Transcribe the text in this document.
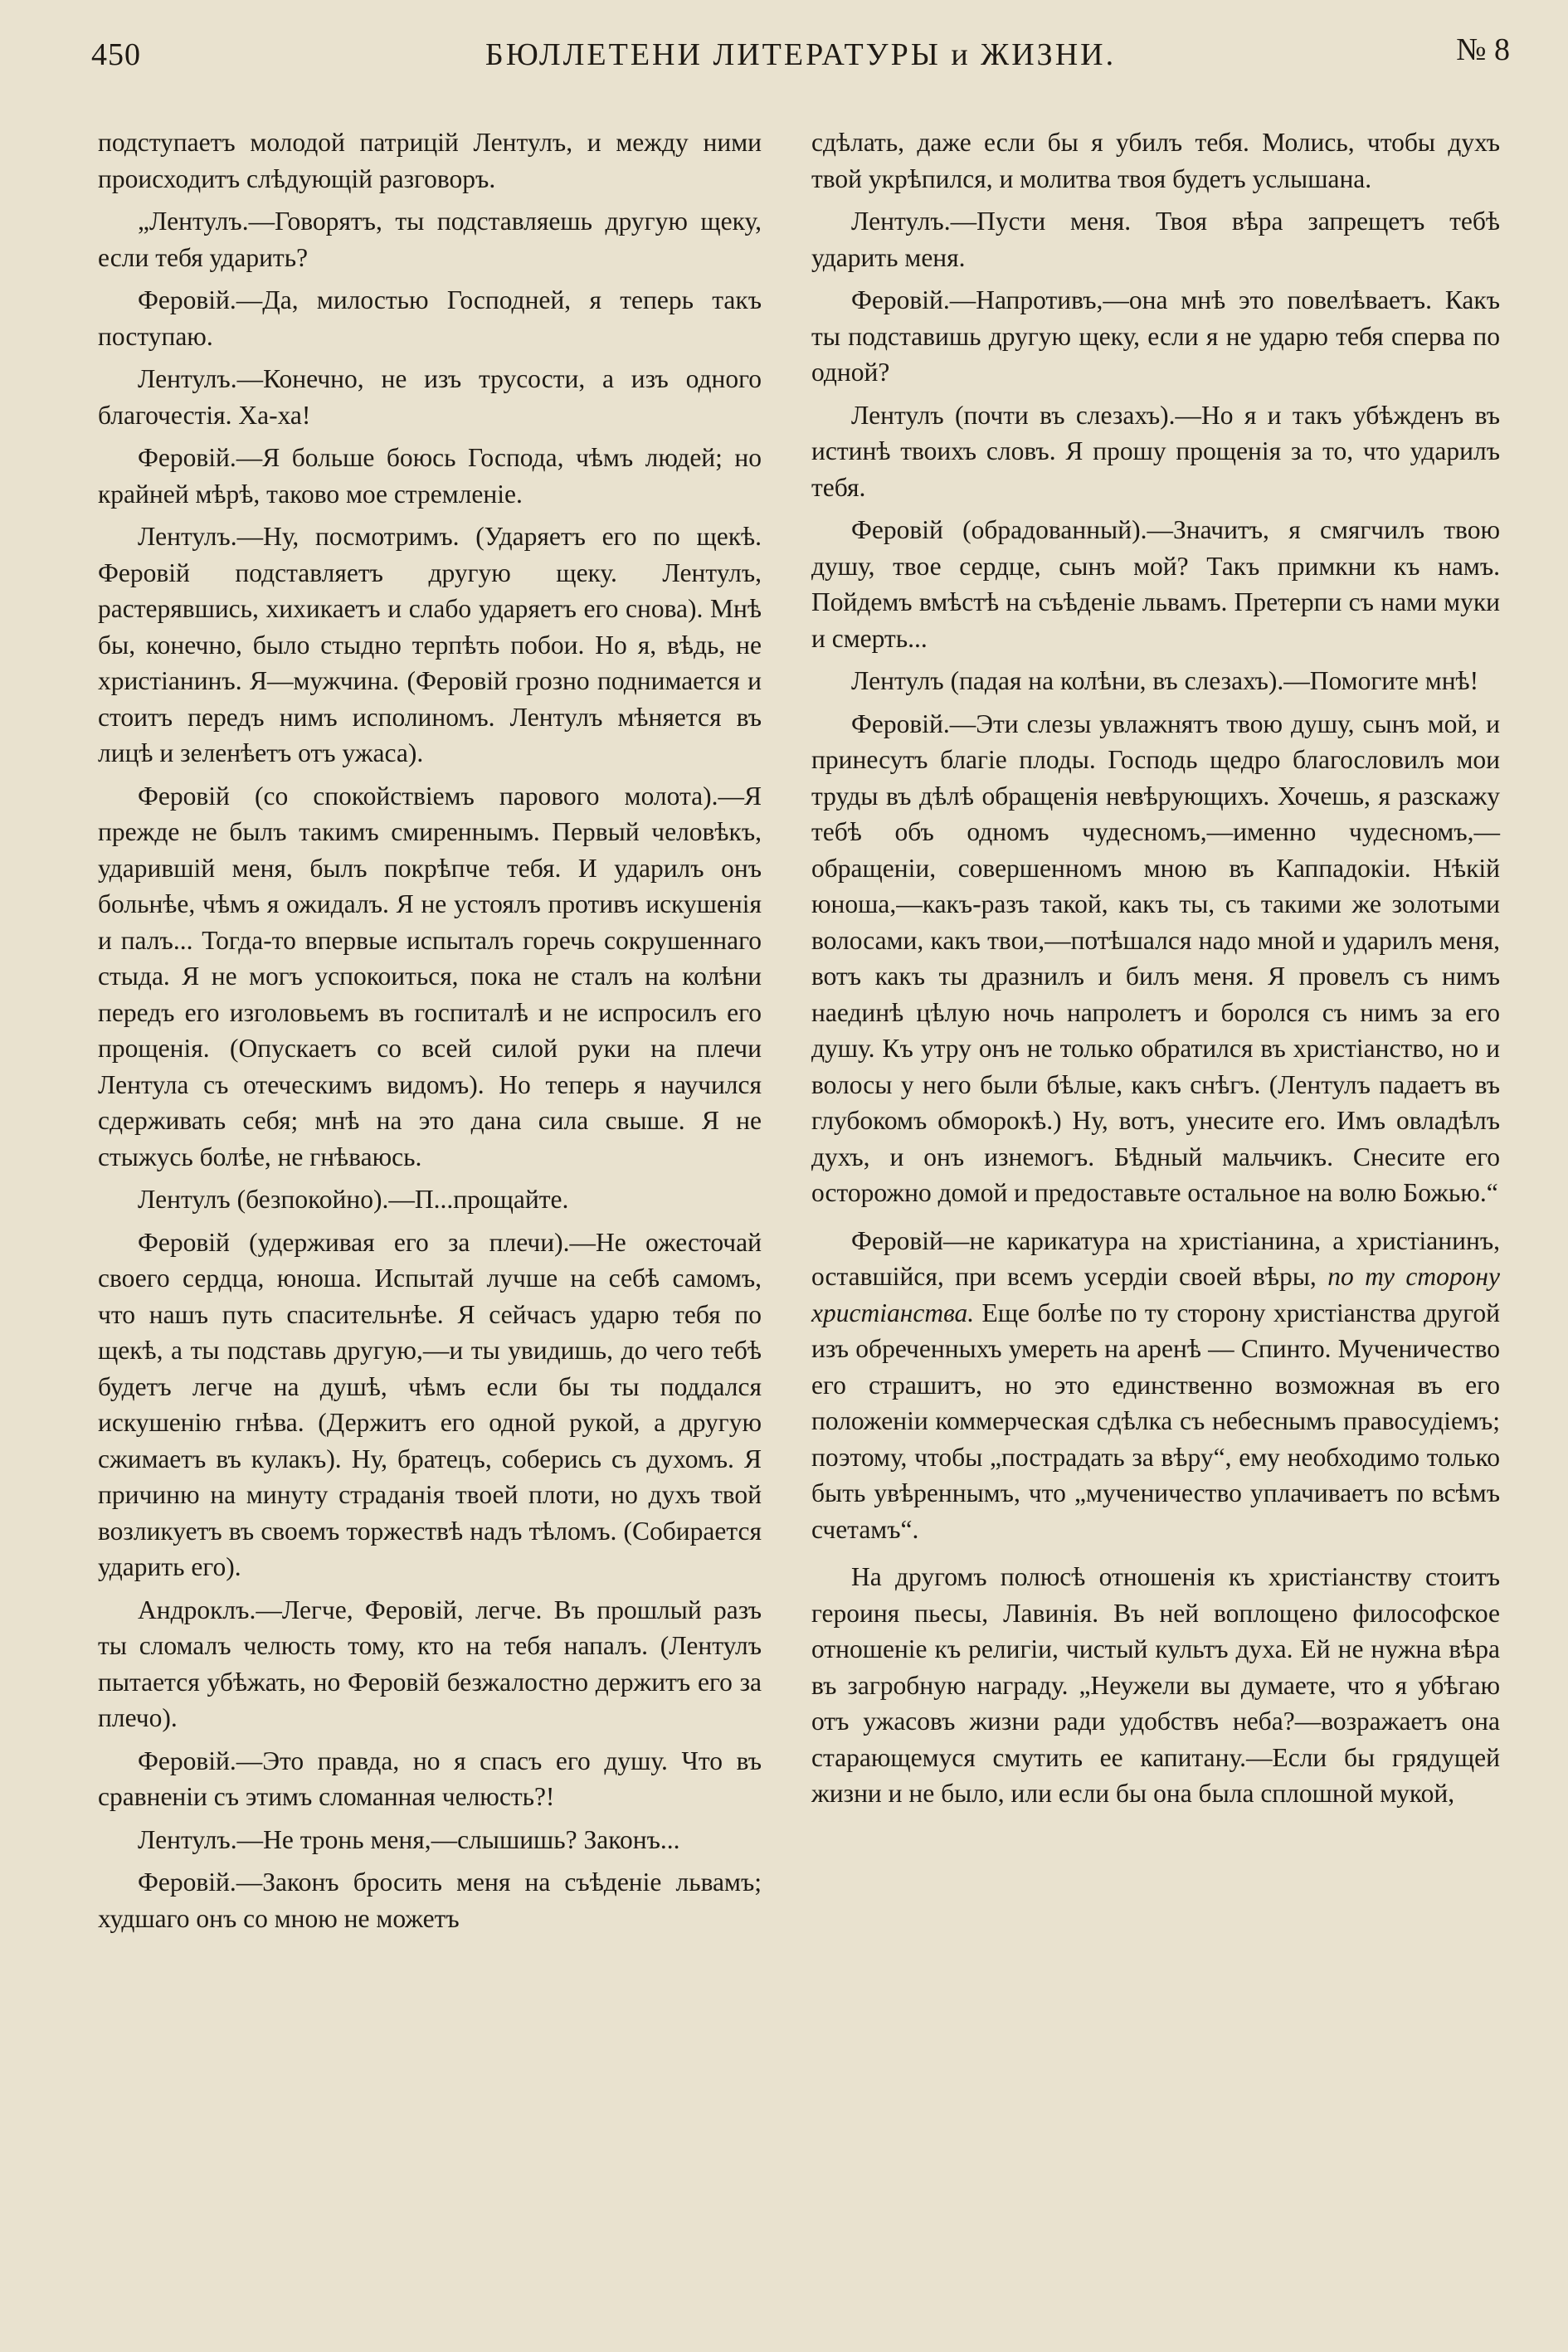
450	БЮЛЛЕТЕНИ ЛИТЕРАТУРЫ и ЖИЗНИ.	№ 8

подступаетъ молодой патрицій Лентулъ, и между ними происходитъ слѣдующій разговоръ.

„Лентулъ.—Говорятъ, ты подставляешь другую щеку, если тебя ударить?

Феровій.—Да, милостью Господней, я теперь такъ поступаю.

Лентулъ.—Конечно, не изъ трусости, а изъ одного благочестія. Ха-ха!

Феровій.—Я больше боюсь Господа, чѣмъ людей; но крайней мѣрѣ, таково мое стремленіе.

Лентулъ.—Ну, посмотримъ. (Ударяетъ его по щекѣ. Феровій подставляетъ другую щеку. Лентулъ, растерявшись, хихикаетъ и слабо ударяетъ его снова). Мнѣ бы, конечно, было стыдно терпѣть побои. Но я, вѣдь, не христіанинъ. Я—мужчина. (Феровій грозно поднимается и стоитъ передъ нимъ исполиномъ. Лентулъ мѣняется въ лицѣ и зеленѣетъ отъ ужаса).

Феровій (со спокойствіемъ парового молота).—Я прежде не былъ такимъ смиреннымъ. Первый человѣкъ, ударившій меня, былъ покрѣпче тебя. И ударилъ онъ больнѣе, чѣмъ я ожидалъ. Я не устоялъ противъ искушенія и палъ... Тогда-то впервые испыталъ горечь сокрушеннаго стыда. Я не могъ успокоиться, пока не сталъ на колѣни передъ его изголовьемъ въ госпиталѣ и не испросилъ его прощенія. (Опускаетъ со всей силой руки на плечи Лентула съ отеческимъ видомъ). Но теперь я научился сдерживать себя; мнѣ на это дана сила свыше. Я не стыжусь болѣе, не гнѣваюсь.

Лентулъ (безпокойно).—П...прощайте.

Феровій (удерживая его за плечи).—Не ожесточай своего сердца, юноша. Испытай лучше на себѣ самомъ, что нашъ путь спасительнѣе. Я сейчасъ ударю тебя по щекѣ, а ты подставь другую,—и ты увидишь, до чего тебѣ будетъ легче на душѣ, чѣмъ если бы ты поддался искушенію гнѣва. (Держитъ его одной рукой, а другую сжимаетъ въ кулакъ). Ну, братецъ, соберись съ духомъ. Я причиню на минуту страданія твоей плоти, но духъ твой возликуетъ въ своемъ торжествѣ надъ тѣломъ. (Собирается ударить его).

Андроклъ.—Легче, Феровій, легче. Въ прошлый разъ ты сломалъ челюсть тому, кто на тебя напалъ. (Лентулъ пытается убѣжать, но Феровій безжалостно держитъ его за плечо).

Феровій.—Это правда, но я спасъ его душу. Что въ сравненіи съ этимъ сломанная челюсть?!

Лентулъ.—Не тронь меня,—слышишь? Законъ...

Феровій.—Законъ бросить меня на съѣденіе львамъ; худшаго онъ со мною не можетъ

сдѣлать, даже если бы я убилъ тебя. Молись, чтобы духъ твой укрѣпился, и молитва твоя будетъ услышана.

Лентулъ.—Пусти меня. Твоя вѣра запрещетъ тебѣ ударить меня.

Феровій.—Напротивъ,—она мнѣ это повелѣваетъ. Какъ ты подставишь другую щеку, если я не ударю тебя сперва по одной?

Лентулъ (почти въ слезахъ).—Но я и такъ убѣжденъ въ истинѣ твоихъ словъ. Я прошу прощенія за то, что ударилъ тебя.

Феровій (обрадованный).—Значитъ, я смягчилъ твою душу, твое сердце, сынъ мой? Такъ примкни къ намъ. Пойдемъ вмѣстѣ на съѣденіе львамъ. Претерпи съ нами муки и смерть...

Лентулъ (падая на колѣни, въ слезахъ).—Помогите мнѣ!

Феровій.—Эти слезы увлажнятъ твою душу, сынъ мой, и принесутъ благіе плоды. Господь щедро благословилъ мои труды въ дѣлѣ обращенія невѣрующихъ. Хочешь, я разскажу тебѣ объ одномъ чудесномъ,—именно чудесномъ,—обращеніи, совершенномъ мною въ Каппадокіи. Нѣкій юноша,—какъ-разъ такой, какъ ты, съ такими же золотыми волосами, какъ твои,—потѣшался надо мной и ударилъ меня, вотъ какъ ты дразнилъ и билъ меня. Я провелъ съ нимъ наединѣ цѣлую ночь напролетъ и боролся съ нимъ за его душу. Къ утру онъ не только обратился въ христіанство, но и волосы у него были бѣлые, какъ снѣгъ. (Лентулъ падаетъ въ глубокомъ обморокѣ.) Ну, вотъ, унесите его. Имъ овладѣлъ духъ, и онъ изнемогъ. Бѣдный мальчикъ. Снесите его осторожно домой и предоставьте остальное на волю Божью.“

Феровій—не карикатура на христіанина, а христіанинъ, оставшійся, при всемъ усердіи своей вѣры, по ту сторону христіанства. Еще болѣе по ту сторону христіанства другой изъ обреченныхъ умереть на аренѣ — Спинто. Мученичество его страшитъ, но это единственно возможная въ его положеніи коммерческая сдѣлка съ небеснымъ правосудіемъ; поэтому, чтобы „пострадать за вѣру“, ему необходимо только быть увѣреннымъ, что „мученичество уплачиваетъ по всѣмъ счетамъ“.

На другомъ полюсѣ отношенія къ христіанству стоитъ героиня пьесы, Лавинія. Въ ней воплощено философское отношеніе къ религіи, чистый культъ духа. Ей не нужна вѣра въ загробную награду. „Неужели вы думаете, что я убѣгаю отъ ужасовъ жизни ради удобствъ неба?—возражаетъ она старающемуся смутить ее капитану.—Если бы грядущей жизни и не было, или если бы она была сплошной мукой,
